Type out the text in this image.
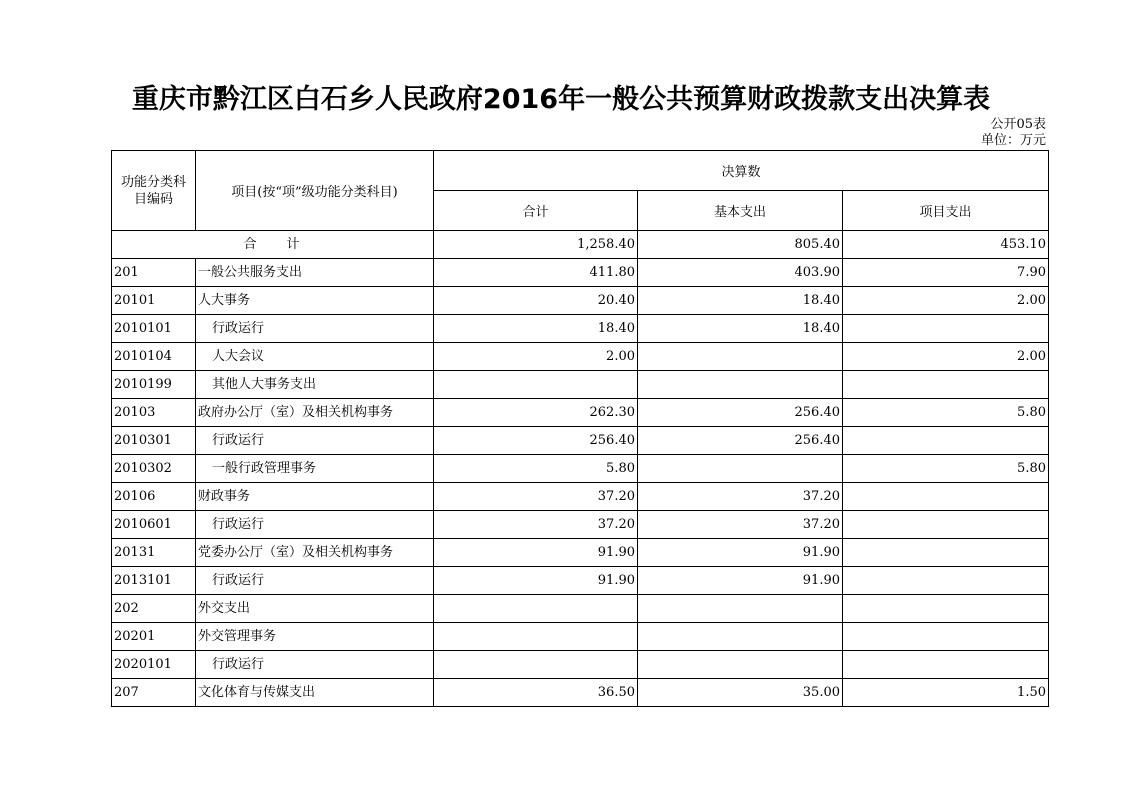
重庆市黔江区白石乡人民政府2016年一般公共预算财政拨款支出决算表
公开05表
单位：万元
功能分类科目编码	项目(按“项”级功能分类科目)	决算数		
		合计	基本支出	项目支出
合 计		1,258.40	805.40	453.10
201	一般公共服务支出	411.80	403.90	7.90
20101	人大事务	20.40	18.40	2.00
2010101	行政运行	18.40	18.40	
2010104	人大会议	2.00		2.00
2010199	其他人大事务支出			
20103	政府办公厅（室）及相关机构事务	262.30	256.40	5.80
2010301	行政运行	256.40	256.40	
2010302	一般行政管理事务	5.80		5.80
20106	财政事务	37.20	37.20	
2010601	行政运行	37.20	37.20	
20131	党委办公厅（室）及相关机构事务	91.90	91.90	
2013101	行政运行	91.90	91.90	
202	外交支出			
20201	外交管理事务			
2020101	行政运行			
207	文化体育与传媒支出	36.50	35.00	1.50
